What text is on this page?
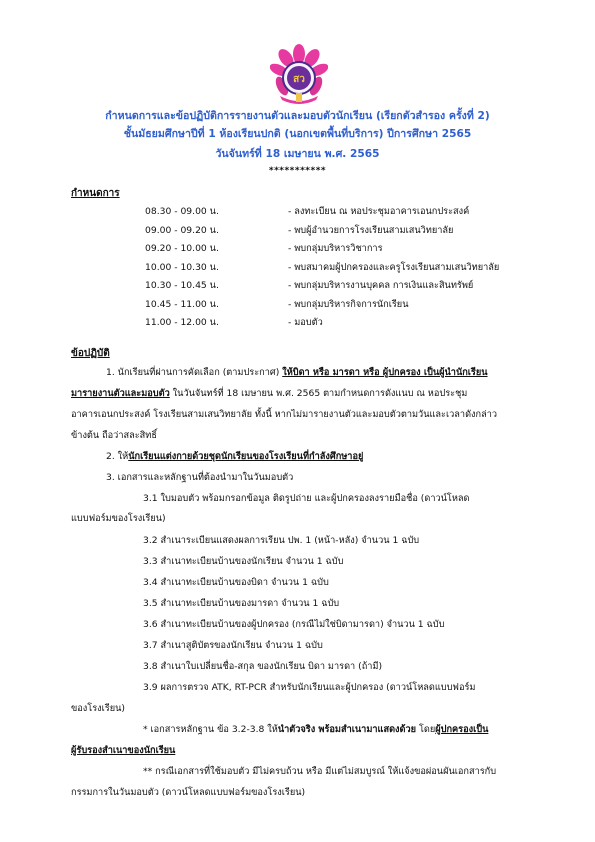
สว
กำหนดการและข้อปฏิบัติการรายงานตัวและมอบตัวนักเรียน (เรียกตัวสำรอง ครั้งที่ 2)
ชั้นมัธยมศึกษาปีที่ 1 ห้องเรียนปกติ (นอกเขตพื้นที่บริการ) ปีการศึกษา 2565
วันจันทร์ที่ 18 เมษายน พ.ศ. 2565
***********
กำหนดการ
08.30 - 09.00 น.	- ลงทะเบียน ณ หอประชุมอาคารเอนกประสงค์
09.00 - 09.20 น.	- พบผู้อำนวยการโรงเรียนสามเสนวิทยาลัย
09.20 - 10.00 น.	- พบกลุ่มบริหารวิชาการ
10.00 - 10.30 น.	- พบสมาคมผู้ปกครองและครูโรงเรียนสามเสนวิทยาลัย
10.30 - 10.45 น.	- พบกลุ่มบริหารงานบุคคล การเงินและสินทรัพย์
10.45 - 11.00 น.	- พบกลุ่มบริหารกิจการนักเรียน
11.00 - 12.00 น.	- มอบตัว
ข้อปฏิบัติ
1. นักเรียนที่ผ่านการคัดเลือก (ตามประกาศ) ให้บิดา หรือ มารดา หรือ ผู้ปกครอง เป็นผู้นำนักเรียน
มารายงานตัวและมอบตัว ในวันจันทร์ที่ 18 เมษายน พ.ศ. 2565 ตามกำหนดการดังแนบ ณ หอประชุม
อาคารเอนกประสงค์ โรงเรียนสามเสนวิทยาลัย ทั้งนี้ หากไม่มารายงานตัวและมอบตัวตามวันและเวลาดังกล่าว
ข้างต้น ถือว่าสละสิทธิ์
2. ให้นักเรียนแต่งกายด้วยชุดนักเรียนของโรงเรียนที่กำลังศึกษาอยู่
3. เอกสารและหลักฐานที่ต้องนำมาในวันมอบตัว
3.1 ใบมอบตัว พร้อมกรอกข้อมูล ติดรูปถ่าย และผู้ปกครองลงรายมือชื่อ (ดาวน์โหลด
แบบฟอร์มของโรงเรียน)
3.2 สำเนาระเบียนแสดงผลการเรียน ปพ. 1 (หน้า-หลัง) จำนวน 1 ฉบับ
3.3 สำเนาทะเบียนบ้านของนักเรียน จำนวน 1 ฉบับ
3.4 สำเนาทะเบียนบ้านของบิดา จำนวน 1 ฉบับ
3.5 สำเนาทะเบียนบ้านของมารดา จำนวน 1 ฉบับ
3.6 สำเนาทะเบียนบ้านของผู้ปกครอง (กรณีไม่ใช่บิดามารดา) จำนวน 1 ฉบับ
3.7 สำเนาสูติบัตรของนักเรียน จำนวน 1 ฉบับ
3.8 สำเนาใบเปลี่ยนชื่อ-สกุล ของนักเรียน บิดา มารดา (ถ้ามี)
3.9 ผลการตรวจ ATK, RT-PCR สำหรับนักเรียนและผู้ปกครอง (ดาวน์โหลดแบบฟอร์ม
ของโรงเรียน)
* เอกสารหลักฐาน ข้อ 3.2-3.8 ให้นำตัวจริง พร้อมสำเนามาแสดงด้วย โดยผู้ปกครองเป็น
ผู้รับรองสำเนาของนักเรียน
** กรณีเอกสารที่ใช้มอบตัว มีไม่ครบถ้วน หรือ มีแต่ไม่สมบูรณ์ ให้แจ้งขอผ่อนผันเอกสารกับ
กรรมการในวันมอบตัว (ดาวน์โหลดแบบฟอร์มของโรงเรียน)
